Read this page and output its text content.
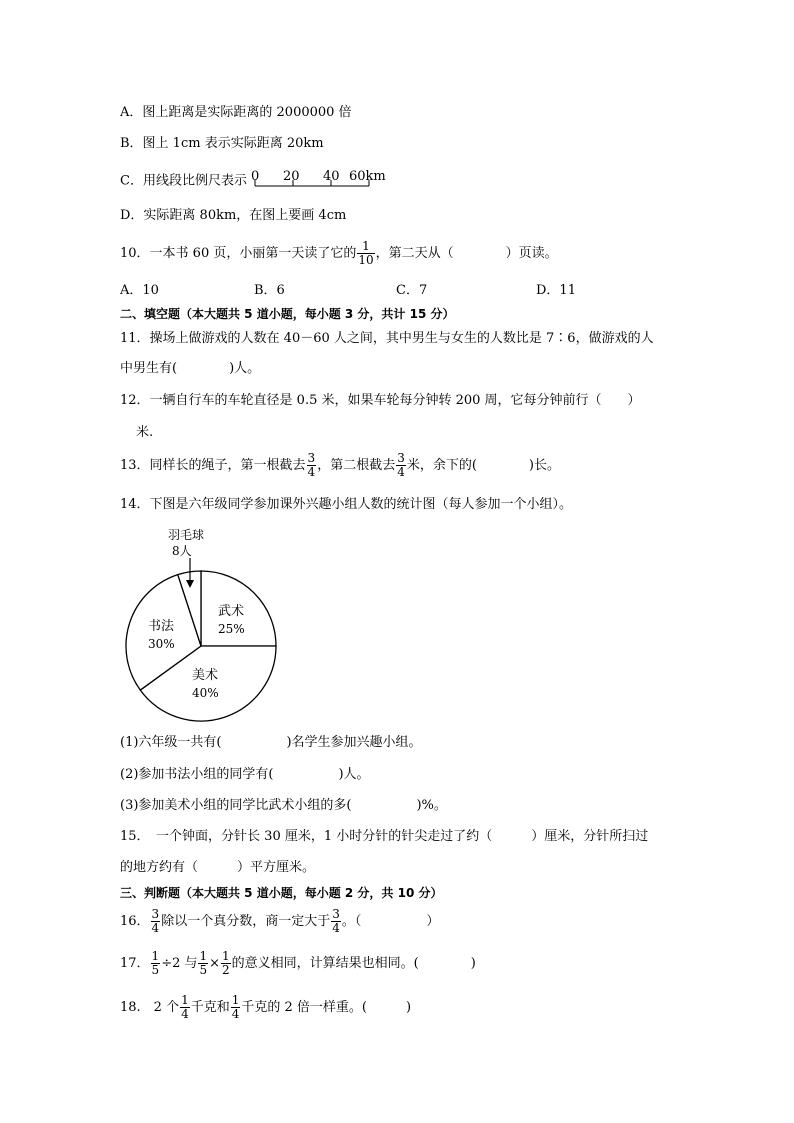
A．图上距离是实际距离的 2000000 倍
B．图上 1cm 表示实际距离 20km
C．用线段比例尺表示 0 20 40 60km
D．实际距离 80km，在图上要画 4cm
10．一本书 60 页，小丽第一天读了它的 $\frac{1}{10}$ ，第二天从（　　　　）页读。
A．10	B．6	C．7	D．11
二、填空题（本大题共 5 道小题，每小题 3 分，共计 15 分）
11．操场上做游戏的人数在 40－60 人之间，其中男生与女生的人数比是 7∶6，做游戏的人
中男生有(　　　　)人。
12．一辆自行车的车轮直径是 0.5 米，如果车轮每分钟转 200 周，它每分钟前行（　　）
米.
13．同样长的绳子，第一根截去 $\frac{3}{4}$ ，第二根截去 $\frac{3}{4}$ 米，余下的(　　　　)长。
14．下图是六年级同学参加课外兴趣小组人数的统计图（每人参加一个小组）。
羽毛球
8人
武术
25%
书法
30%
美术
40%
(1)六年级一共有(　　　　　)名学生参加兴趣小组。
(2)参加书法小组的同学有(　　　　　)人。
(3)参加美术小组的同学比武术小组的多(　　　　　)%。
15．　一个钟面，分针长 30 厘米，1 小时分针的针尖走过了约（　　　）厘米，分针所扫过
的地方约有（　　　）平方厘米。
三、判断题（本大题共 5 道小题，每小题 2 分，共 10 分）
16． $\frac{3}{4}$ 除以一个真分数，商一定大于 $\frac{3}{4}$ 。（　　　　　）
17． $\frac{1}{5} \div 2$ 与 $\frac{1}{5} \times \frac{1}{2}$ 的意义相同，计算结果也相同。(　　　　)
18.　2 个 $\frac{1}{4}$ 千克和 $\frac{1}{4}$ 千克的 2 倍一样重。(　　　)
